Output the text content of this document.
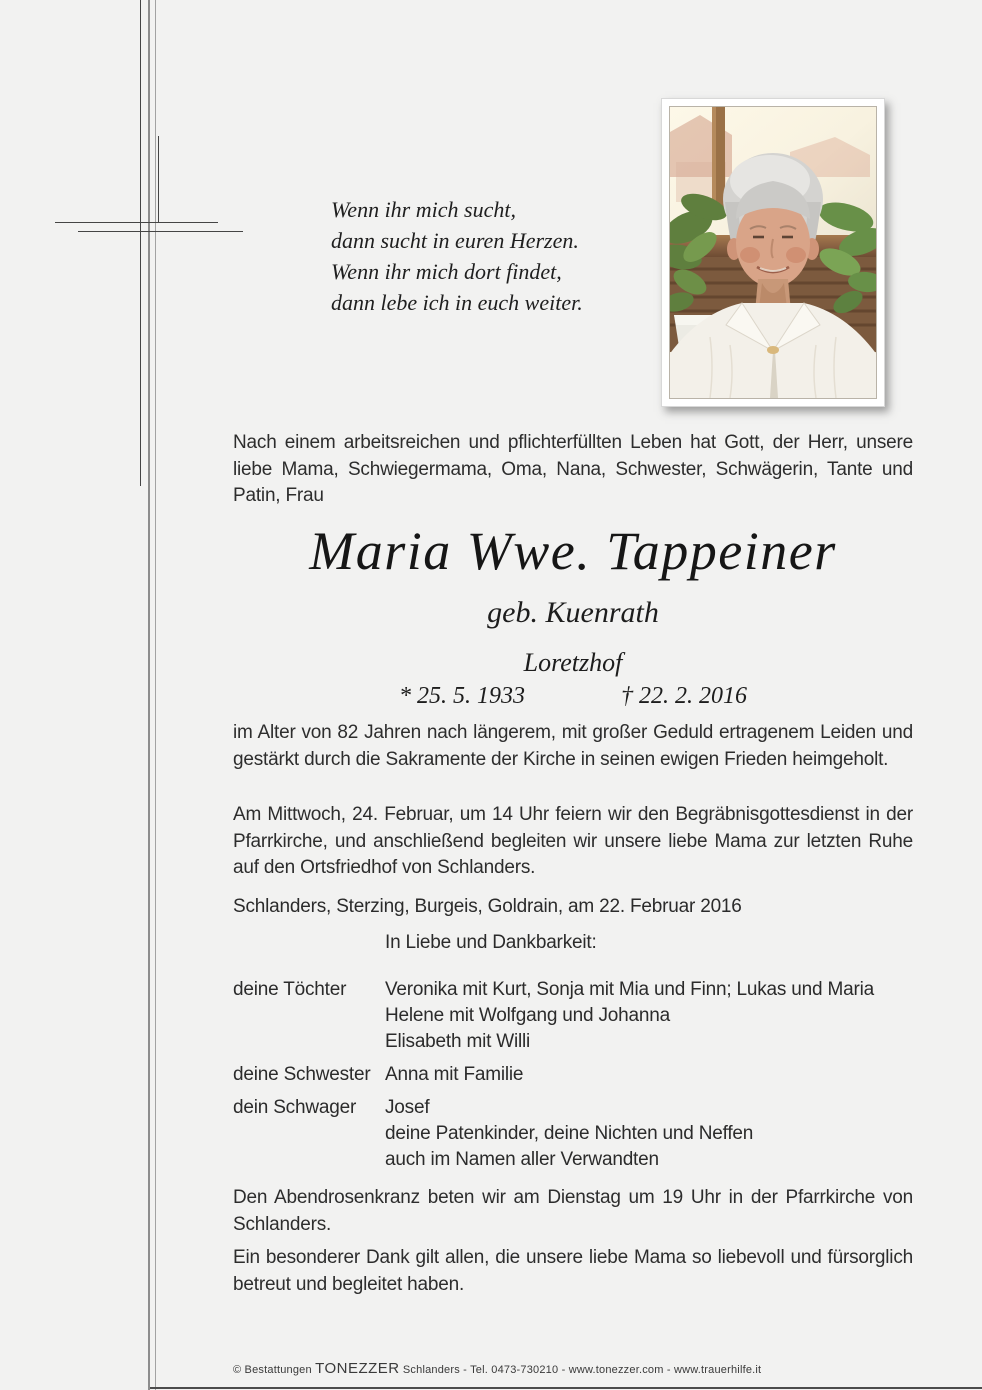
Wenn ihr mich sucht,
dann sucht in euren Herzen.
Wenn ihr mich dort findet,
dann lebe ich in euch weiter.
Nach einem arbeitsreichen und pflichterfüllten Leben hat Gott, der Herr, unsere liebe Mama, Schwiegermama, Oma, Nana, Schwester, Schwägerin, Tante und Patin, Frau
Maria Wwe. Tappeiner
geb. Kuenrath
Loretzhof
* 25. 5. 1933	† 22. 2. 2016
im Alter von 82 Jahren nach längerem, mit großer Geduld ertragenem Leiden und gestärkt durch die Sakramente der Kirche in seinen ewigen Frieden heimgeholt.
Am Mittwoch, 24. Februar, um 14 Uhr feiern wir den Begräbnisgottesdienst in der Pfarrkirche, und anschließend begleiten wir unsere liebe Mama zur letzten Ruhe auf den Ortsfriedhof von Schlanders.
Schlanders, Sterzing, Burgeis, Goldrain, am 22. Februar 2016
In Liebe und Dankbarkeit:
deine Töchter	Veronika mit Kurt, Sonja mit Mia und Finn; Lukas und Maria
Helene mit Wolfgang und Johanna
Elisabeth mit Willi
deine Schwester Anna mit Familie
dein Schwager	Josef
deine Patenkinder, deine Nichten und Neffen
auch im Namen aller Verwandten
Den Abendrosenkranz beten wir am Dienstag um 19 Uhr in der Pfarrkirche von Schlanders.
Ein besonderer Dank gilt allen, die unsere liebe Mama so liebevoll und fürsorglich betreut und begleitet haben.
© Bestattungen TONEZZER Schlanders - Tel. 0473-730210 - www.tonezzer.com - www.trauerhilfe.it
